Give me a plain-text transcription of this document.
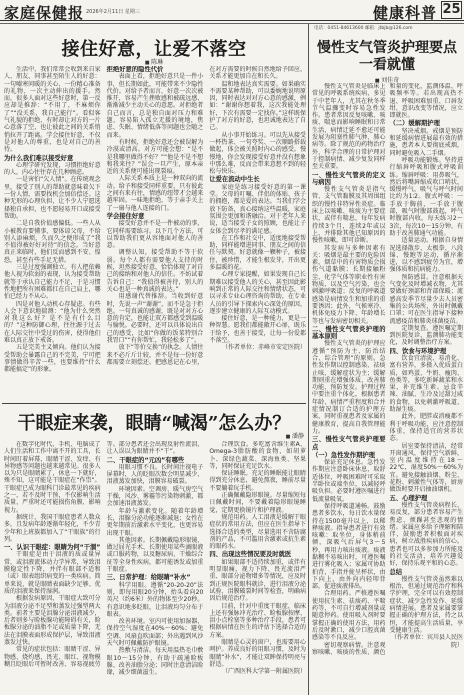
家庭保健报 2026年2月11日 星期三	健康科普 25
电话：0451-84613600 邮箱：jtbjb@126.com
接住好意，让爱不落空
■ 陈琳

生活中，我们常常会收到来自家人、朋友、同事甚至陌生人的好意：一句嘘寒问暖的关心、一份精心准备的礼物、一次主动伸出的援手。然而，很多人面对这些好意时，第一反应却是推辞：“不用了，不麻烦你了”“没关系，我自己能行”。看似客气礼貌的拒绝，有时却让对方的一片心意落了空，也让彼此之间的关系悄悄拉开了距离。学会接住好意，不仅是对他人的尊重，也是对自己的善待。

为什么我们难以接受好意

心理学研究发现，习惯拒绝好意的人，内心往往存在几种顾虑。

一是害怕“欠人情”。在传统观念里，接受了别人的帮助就意味着欠下一份人情，需要找机会加倍偿还。这种无形的心理负担，让不少人宁愿选择独自承担，也不愿轻易开口或接受帮助。

二是自我价值感偏低。一些人从小被教育要懂事、要体谅父母、不给别人添麻烦，久而久之便形成了“我不值得被好好对待”的信念。当好意真正来临时，他们反而感到不安、惶恐，甚至有些手足无措。

三是过度强调独立。有人把依赖他人视为软弱的表现，认为接受帮助就等于承认自己能力不足，于是习惯性地把所有困难都扛在自己肩上，哪怕已经力不从心。

四是对他人动机心存疑虑。有些人会下意识地揣测：“他为什么突然对我这么好？是不是有什么目的？”这种防御心理，往往源于过去在人际交往中受过的伤害，使得他们难以真正放下戒备。

五是完美主义倾向。他们认为接受帮助会暴露自己的不完美，宁可把事情做得辛苦一些，也要维持“什么都能搞定”的形象。

拒绝好意的隐性代价

表面上看，拒绝好意只是一件小事，但长期如此，可能带来不少隐性代价。对给予者而言，好意一次次被推开，容易产生挫败感和被疏远感，渐渐减少主动关心的意愿。对拒绝者自己而言，总是独自面对压力和难题，容易陷入孤立无援的境地，焦虑、失眠、情绪低落等问题也会随之而来。

有时候，拒绝好意还会被误解为冷漠或清高。对方可能会想：“是不是我哪里做得不好？”“他是不是不想和我来往？”误会一旦产生，原本亲近的关系便可能出现裂痕。

人际关系本质上是一种双向的流动。给予和接受同样重要，只有彼此之间有来有往，情感的纽带才会越来越牢固。一味地拒绝，等于亲手关上了一扇与他人连接的门。

学会接住好意

接受好意并不是一件被动的事，它同样需要练习。以下几个方法，可以帮助我们更从容地面对他人的善意。

调整认知，接受帮助不等于软弱。每个人都有需要他人支持的时候，坦然接受好意，恰恰体现了对自己的接纳和对他人的信任。不妨试着告诉自己：“我值得被善待，别人的关心也是一种真诚的表达。”

用感谢代替推辞。当收到好意时，先说一声“谢谢”，而不是急于拒绝。一句真诚的感谢，既是对对方心意的肯定，也能让双方都感受到温暖与愉悦。必要时，还可以具体说出自己的感受，比如“你做的饭菜特别合我胃口”“有你帮忙，我轻松多了”。

放下“等价交换”的执念。人情往来不必斤斤计较，并不是每一份好意都需要立刻偿还。把感恩记在心里，在对方需要的时候自然地给予回应，关系才能更加自在和长久。

温和地表达真实需要。如果确实不需要某种帮助，可以委婉地说明原因，同时表达对对方心意的感激，例如：“谢谢你想着我，这次我能处理好，下次有需要一定找你。”这样既保护了对方的好意，也坦诚地表达了自己。

从小事开始练习。可以先从接受一杯热茶、一句夸奖、一次顺路搭载做起，体会被关照时内心的感受。慢慢地，你会发现接受好意并没有想象中那么难，反而会带来意想不到的轻松与快乐。

让爱在流动中生长

家庭是练习接受好意的第一课堂。父母的叮嘱、伴侣的体贴、孩子的拥抱，都是爱的表达。当我们学会放下防备，真心接纳这些温暖，家庭氛围会更加和谐融洽。对于老年人来说，适当接受子女的照顾，也能让子女体会到尽孝的满足感。

在工作和社交中，适度地接受帮助，同样能增进同事、朋友之间的信任与默契。好意就像一颗种子，被接住、被珍惜，才能生根发芽，开出更多温暖的花。

心理专家提醒，如果发现自己长期难以接受他人的关心，甚至因此影响到正常的人际交往和情绪状态，可以寻求专业心理咨询的帮助，在专业人员的引导下探索内心深处的原因，逐步建立健康的人际互动模式。

接住好意，是一种能力，更是一种智慧。愿我们都能敞开心扉，既乐于给予，也善于接受，让每一份爱都不落空。

（作者单位：赤峰市安定医院）

干眼症来袭，眼睛“喊渴”怎么办？
■ 潘静

在数字化时代，手机、电脑成了人们生活和工作中离不开的工具，长时间盯着屏幕，眼睛干涩、发痒、有异物感等问题也越来越常见。很多人以为只是眼睛累了，休息一下就好，殊不知，这可能是干眼症在“作祟”。干眼症已成为眼科门诊最常见的疾病之一，若不及时干预，不仅影响生活质量，严重时还可能损伤角膜、影响视力。

据统计，我国干眼症患者人数众多，且发病年龄逐渐年轻化，不少青少年和上班族都加入了“干眼族”的行列。

一、认识干眼症：眼睛为何“干涸”

干眼症是由于泪液的质或量异常，或泪液流体动力学异常，导致泪膜稳定性下降，并伴有眼部不适和（或）眼表组织病变的一类疾病。简单来说，就是眼睛表面缺少足够、优质的泪液来保持湿润。

根据发病原因，干眼症大致可分为泪液分泌不足型和蒸发过强型两大类。前者主要是泪腺分泌泪液减少，后者则多与睑板腺功能障碍有关，睑板腺分泌的油脂不足或质量下降，无法在泪膜表面形成保护层，导致泪液蒸发过快。

常见的症状包括：眼睛干涩、异物感、烧灼感、畏光、眼红、视物模糊且眨眼后可暂时改善、容易视疲劳等。部分患者还会出现反射性流泪，让人误以为眼睛并不“干”。

二、干眼症的“元凶”有哪些

用眼习惯不良。长时间注视电子屏幕时，人的眨眼次数会明显减少，泪液蒸发加快，泪膜容易破裂。

环境因素。空调房、暖气房空气干燥，风沙、雾霾等污染物刺激，都会加速泪液蒸发。

年龄与激素变化。随着年龄增长，泪腺分泌功能逐渐减退；女性在更年期前后激素水平变化，也更容易出现干眼。

其他因素。长期佩戴隐形眼镜、做过屈光手术、长期使用某些滴眼液或口服药物，以及糖尿病、干燥综合征等全身性疾病，都可能诱发或加重干眼症。

三、日常护理：给眼睛“补水”

科学用眼。遵循“20-20-20”法则，即每用眼20分钟，抬头看向20英尺（约6米）外的物体至少20秒。有意识地多眨眼，让泪液均匀分布于眼表。

改善环境。室内可使用加湿器，保持空气湿度在40%～60%；避免空调、风扇直吹面部；外出遇到风沙天气时可佩戴防护眼镜。

热敷与清洁。每天用温热毛巾敷眼10～15分钟，有助于疏通睑板腺、改善油脂分泌；同时注意清洁睑缘，减少细菌滋生。

合理饮食。多吃富含维生素A、Omega-3脂肪酸的食物，如胡萝卜、深绿色蔬菜、深海鱼类、坚果等，同时保证充足饮水。

保证睡眠。充足的睡眠能让眼睛得到充分休息，避免熬夜，睡前尽量不要躺着玩手机。

正确佩戴隐形眼镜。尽量缩短每日佩戴时间，不要戴着隐形眼镜睡觉，定期更换镜片和护理液。

规范用药。人工泪液是缓解干眼症状的常用方法，但应在医生指导下选择合适的类型，尽量选用不含防腐剂的产品，不可滥用含激素或抗生素的眼药水。

四、出现这些情况要及时就医

如果眼部不适持续加重，或伴有明显眼痛、视力下降、畏光流泪严重、眼部分泌物增多等情况，应及时到正规医院眼科就诊，进行泪液分泌试验、泪膜破裂时间等检查，明确病因后规范治疗。

目前，针对中重度干眼症，临床上还有强脉冲光治疗、睑板腺按摩、泪小点栓塞等多种治疗手段，患者可根据病情在医生的评估下选择合适的方案。

眼睛是心灵的窗户，也需要用心呵护。养成良好的用眼习惯，及时为眼睛“补水”，才能让双眸保持明亮与舒适。

（广西医科大学第一附属医院）

慢性支气管炎护理要点
一看就懂
■ 刘佳奇

慢性支气管炎是临床上常见的呼吸系统疾病，多见于中老年人，尤其在秋冬季节气温骤变时容易急性发作。患者常因反复咳嗽、咳痰、喘息而影响睡眠和日常生活，病情迁延不愈还可能发展为阻塞性肺气肿、肺心病等。除了规范的药物治疗外，科学合理的日常护理对于控制病情、减少复发同样至关重要。

一、慢性支气管炎的定义与病因

慢性支气管炎是指气管、支气管黏膜及其周围组织的慢性非特异性炎症。临床上以咳嗽、咳痰为主要症状，或伴有喘息，每年发病持续3个月，连续2年或以上，并排除其他已知原因的慢性咳嗽，即可诊断。

其发病与多种因素有关：吸烟是最主要的危险因素，烟草中的有害物质会损伤气道黏膜；长期接触粉尘、化学气体等职业性有害物质，以及空气污染，也会刺激呼吸道；反复的呼吸道感染是病情发生和加重的重要诱因；此外，气候寒冷、机体免疫力下降、年龄增长等也与发病密切相关。

二、慢性支气管炎护理的基本原则

慢性支气管炎的护理应遵循“预防为主、防治结合、综合管理”的原则。急性发作期以控制感染、祛痰止咳、缓解症状为主；缓解期则重在增强体质、改善肺功能、预防复发。护理过程中要注重个体化，根据患者年龄、病情严重程度和合并症情况制订合适的护理方案，同时重视患者及家属的健康教育，提高自我管理能力。

三、慢性支气管炎护理要点

（一）急性发作期护理

保证充足休息。急性发作期应注意卧床休息，取舒适体位，呼吸困难时可采取半卧位或端坐位，以减轻呼吸负担。必要时遵医嘱进行低流量吸氧。

保持呼吸道通畅。鼓励患者多饮水，每日饮水量保持在1500毫升以上，以稀释痰液。指导患者进行有效咳嗽：取坐位，身体稍前倾，深吸气后屏气3～5秒，再用力咳出痰液。痰液黏稠不易咳出时，可遵医嘱进行雾化吸入；家属可协助拍背，手指并拢呈杯状，由下向上、由外向内轻叩背部，促进痰液排出。

合理用药。严格遵医嘱使用抗生素、祛痰药、平喘药等，不可自行增减剂量或随意停药。使用吸入剂时要掌握正确的使用方法，用药后及时漱口，减少口腔真菌感染等不良反应。

密切观察病情。注意观察咳嗽、咳痰的性质、颜色和量的变化，监测体温、呼吸频率等。若出现高热不退、呼吸困难加重、口唇发绀、意识改变等情况，应立即就医。

（二）缓解期护理

坚决戒烟。戒烟是预防和延缓病情进展最有效的措施，患者本人要彻底戒烟，同时避免吸入二手烟。

呼吸功能锻炼。坚持进行缩唇呼吸和腹式呼吸训练。缩唇呼吸：用鼻吸气，然后将嘴唇缩成吹口哨状，缓慢呼气，吸气与呼气时间比约为1∶2。腹式呼吸：一手放于胸前，一手放于腹部，吸气时腹部鼓起，呼气时腹部内收。每天练习2～3次，每次10～15分钟，有助于改善肺通气功能。

适量运动。根据自身情况选择散步、太极拳、八段锦、慢跑等运动，循序渐进，以不感到疲劳为宜，增强体质和抗病能力。

预防感冒。注意根据天气变化及时增减衣物，尤其要做好颈部和背部保暖；流感高发季节尽量少去人员密集的公共场所，外出时佩戴口罩；可在医生指导下接种流感疫苗和肺炎球菌疫苗。

定期复查。遵医嘱定期到医院复诊，监测肺功能变化，及时调整治疗方案。

四、饮食与环境护理

饮食宜清淡、易消化、富有营养，多摄入优质蛋白质，如鸡蛋、牛奶、瘦肉、鱼类等，多吃新鲜蔬菜和水果，补充维生素。忌食辛辣、油腻、生冷及过甜过咸的食物，以免刺激呼吸道、助湿生痰。

此外，肥胖或消瘦都不利于呼吸功能，应注意控制体重，保持适宜的营养状态。

居室要保持清洁，经常开窗通风，保持空气新鲜，室内温度维持在18～22℃，湿度50%～60%为宜。避免接触油烟、粉尘、花粉、刺激性气体等，厨房做饭时要开启抽油烟机。

五、心理护理

慢性支气管炎病程长、易反复，部分患者容易产生焦虑、烦躁甚至悲观的情绪。家属应多给予理解和陪伴，鼓励患者积极面对疾病，树立战胜疾病的信心。患者也可以多参加力所能及的社交活动，培养兴趣爱好，保持乐观平和的心态。

总结

慢性支气管炎虽然难以根治，但通过规范治疗和科学护理，完全可以有效控制症状、减少急性发作、延缓病情进展。患者及家属要掌握正确的护理方法，持之以恒，才能提高生活质量，享受健康生活。

（作者单位：宾川县人民医院）
